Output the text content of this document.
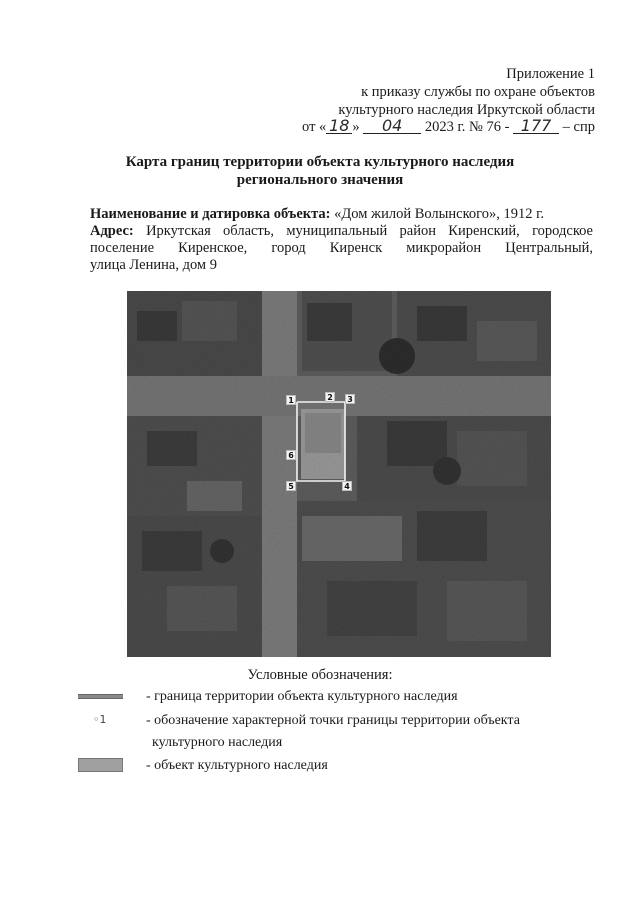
Приложение 1
к приказу службы по охране объектов
культурного наследия Иркутской области
от « 18 » 04 2023 г. № 76 - 177 – спр
Карта границ территории объекта культурного наследия
регионального значения
Наименование и датировка объекта: «Дом жилой Волынского», 1912 г.
Адрес: Иркутская область, муниципальный район Киренский, городское
поселение Киренское, город Киренск микрорайон Центральный,
улица Ленина, дом 9
1	2 3
4
5
6
Условные обозначения:
- граница территории объекта культурного наследия
◦1	- обозначение характерной точки границы территории объекта
культурного наследия
- объект культурного наследия
